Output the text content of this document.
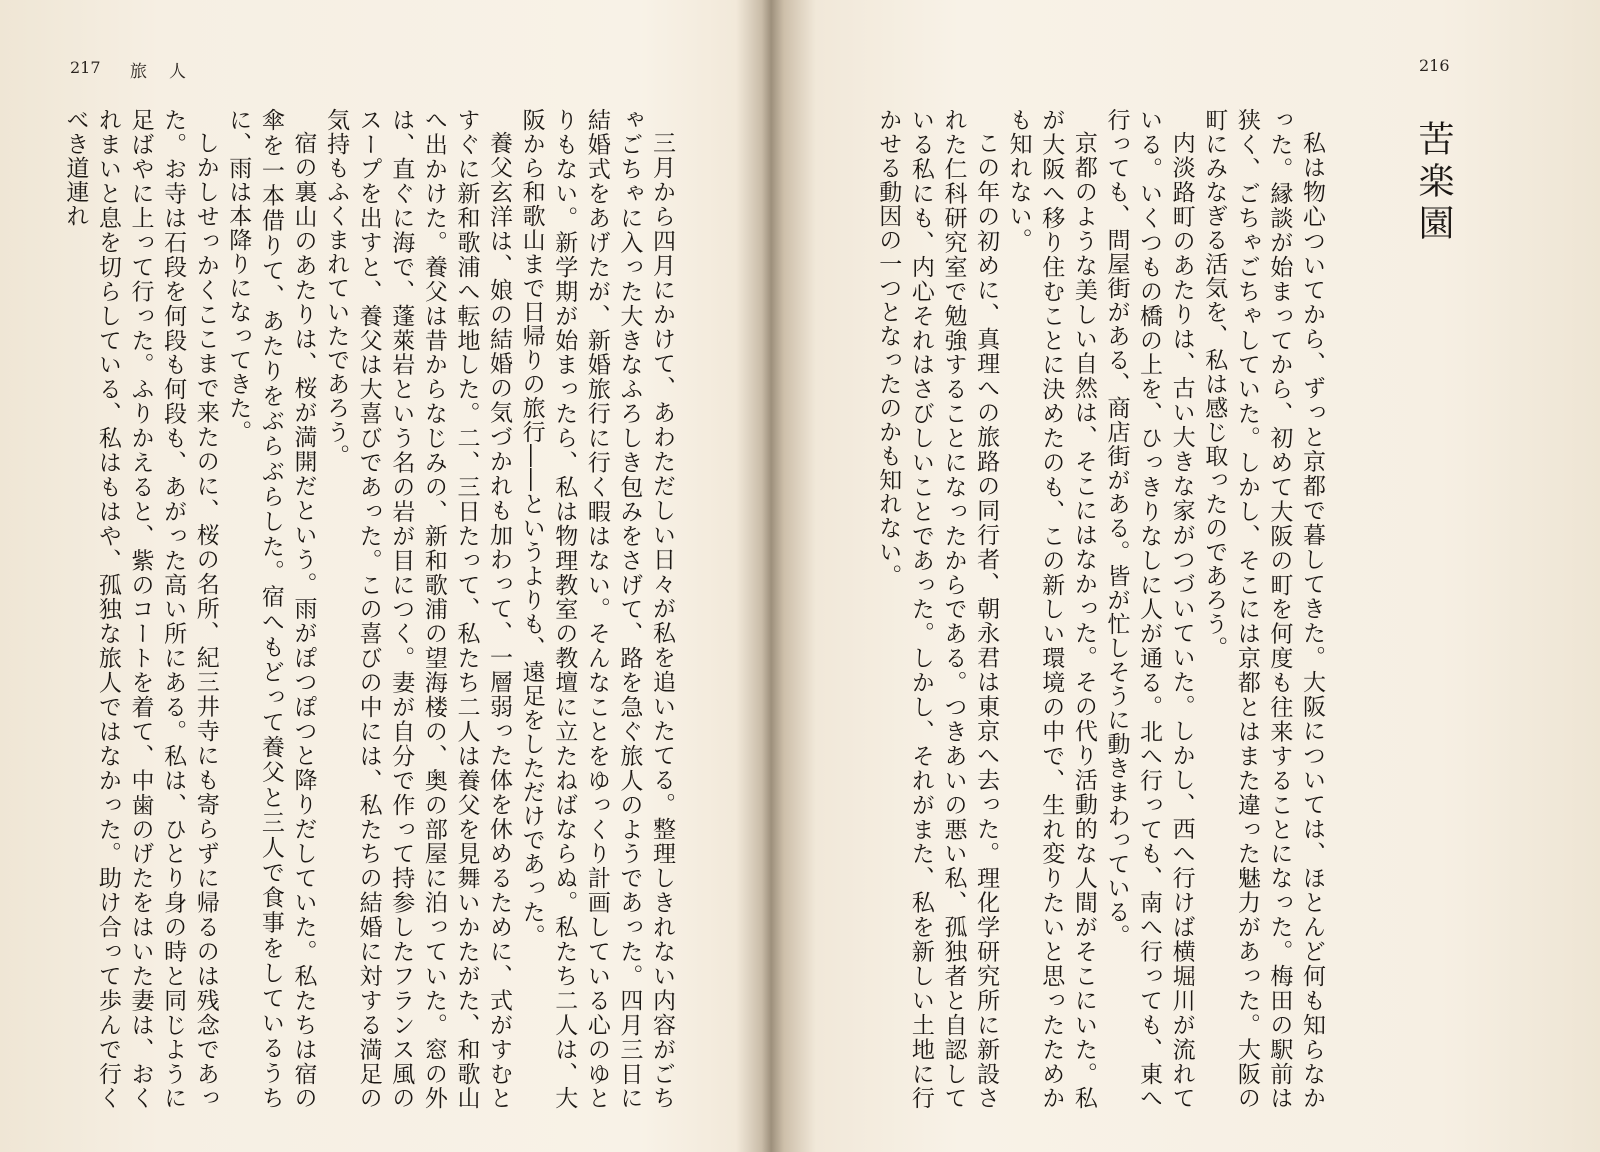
217 旅人

三月から四月にかけて、あわただしい日々が私を追いたてる。整理しきれない内容がごちゃごちゃに入った大きなふろしき包みをさげて、路を急ぐ旅人のようであった。四月三日に結婚式をあげたが、新婚旅行に行く暇はない。そんなことをゆっくり計画している心のゆとりもない。新学期が始まったら、私は物理教室の教壇に立たねばならぬ。私たち二人は、大阪から和歌山まで日帰りの旅行――というよりも、遠足をしただけであった。

養父玄洋は、娘の結婚の気づかれも加わって、一層弱った体を休めるために、式がすむとすぐに新和歌浦へ転地した。二、三日たって、私たち二人は養父を見舞いかたがた、和歌山へ出かけた。養父は昔からなじみの、新和歌浦の望海楼の、奥の部屋に泊っていた。窓の外は、直ぐに海で、蓬萊岩という名の岩が目につく。妻が自分で作って持参したフランス風のスープを出すと、養父は大喜びであった。この喜びの中には、私たちの結婚に対する満足の気持もふくまれていたであろう。

宿の裏山のあたりは、桜が満開だという。雨がぽつぽつと降りだしていた。私たちは宿の傘を一本借りて、あたりをぶらぶらした。宿へもどって養父と三人で食事をしているうちに、雨は本降りになってきた。

しかしせっかくここまで来たのに、桜の名所、紀三井寺にも寄らずに帰るのは残念であった。お寺は石段を何段も何段も、あがった高い所にある。私は、ひとり身の時と同じように足ばやに上って行った。ふりかえると、紫のコートを着て、中歯のげたをはいた妻は、おくれまいと息を切らしている、私はもはや、孤独な旅人ではなかった。助け合って歩んで行くべき道連れ

216
苦楽園

私は物心ついてから、ずっと京都で暮してきた。大阪については、ほとんど何も知らなかった。縁談が始まってから、初めて大阪の町を何度も往来することになった。梅田の駅前は狭く、ごちゃごちゃしていた。しかし、そこには京都とはまた違った魅力があった。大阪の町にみなぎる活気を、私は感じ取ったのであろう。

内淡路町のあたりは、古い大きな家がつづいていた。しかし、西へ行けば横堀川が流れている。いくつもの橋の上を、ひっきりなしに人が通る。北へ行っても、南へ行っても、東へ行っても、問屋街がある、商店街がある。皆が忙しそうに動きまわっている。

京都のような美しい自然は、そこにはなかった。その代り活動的な人間がそこにいた。私が大阪へ移り住むことに決めたのも、この新しい環境の中で、生れ変りたいと思ったためかも知れない。

この年の初めに、真理への旅路の同行者、朝永君は東京へ去った。理化学研究所に新設された仁科研究室で勉強することになったからである。つきあいの悪い私、孤独者と自認している私にも、内心それはさびしいことであった。しかし、それがまた、私を新しい土地に行かせる動因の一つとなったのかも知れない。
